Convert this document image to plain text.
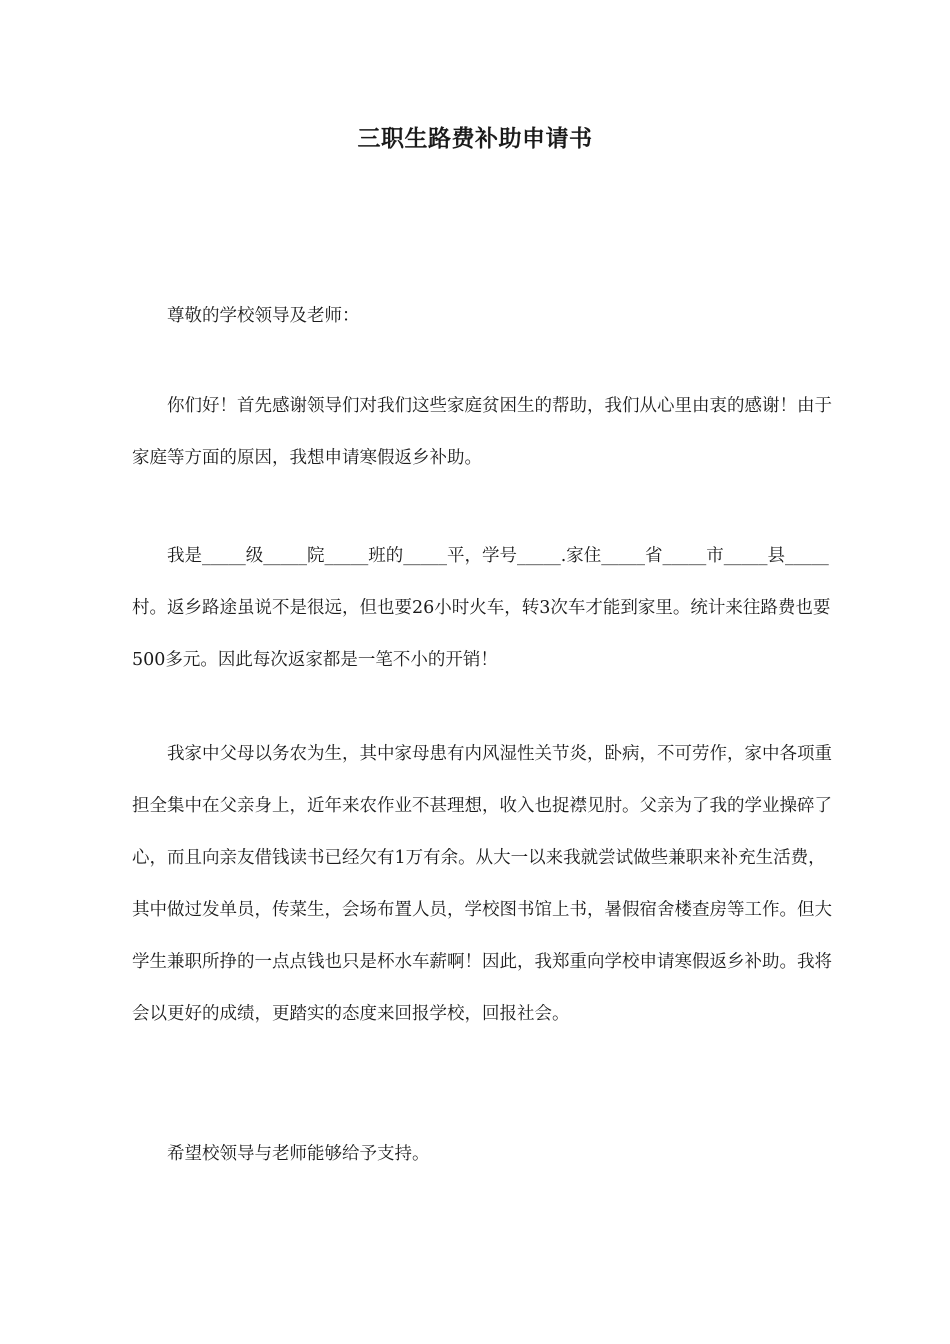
三职生路费补助申请书

尊敬的学校领导及老师：

你们好！首先感谢领导们对我们这些家庭贫困生的帮助，我们从心里由衷的感谢！由于家庭等方面的原因，我想申请寒假返乡补助。

我是_____级_____院_____班的_____平，学号_____.家住_____省_____市_____县_____村。返乡路途虽说不是很远，但也要26小时火车，转3次车才能到家里。统计来往路费也要500多元。因此每次返家都是一笔不小的开销！

我家中父母以务农为生，其中家母患有内风湿性关节炎，卧病，不可劳作，家中各项重担全集中在父亲身上，近年来农作业不甚理想，收入也捉襟见肘。父亲为了我的学业操碎了心，而且向亲友借钱读书已经欠有1万有余。从大一以来我就尝试做些兼职来补充生活费，其中做过发单员，传菜生，会场布置人员，学校图书馆上书，暑假宿舍楼查房等工作。但大学生兼职所挣的一点点钱也只是杯水车薪啊！因此，我郑重向学校申请寒假返乡补助。我将会以更好的成绩，更踏实的态度来回报学校，回报社会。

希望校领导与老师能够给予支持。
